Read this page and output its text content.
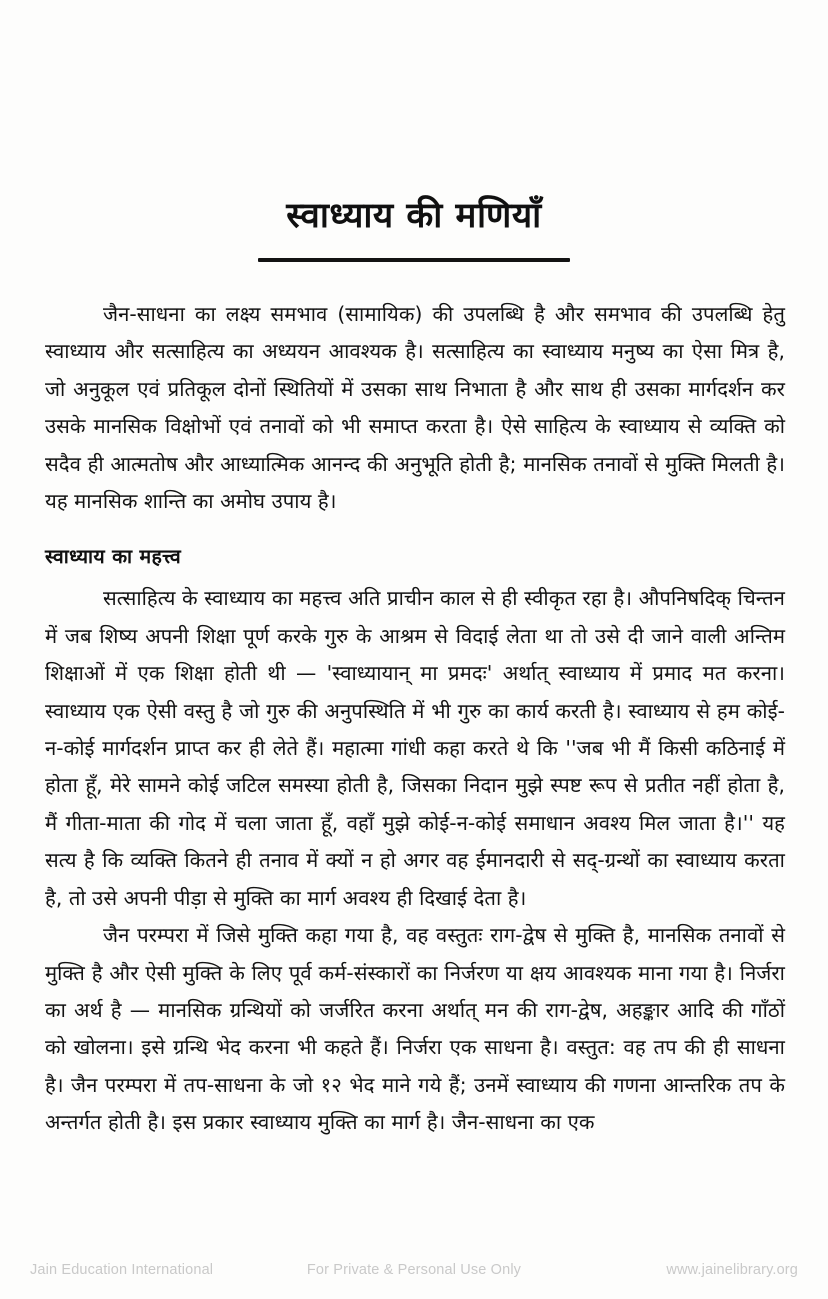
स्वाध्याय की मणियाँ

जैन-साधना का लक्ष्य समभाव (सामायिक) की उपलब्धि है और समभाव की उपलब्धि हेतु स्वाध्याय और सत्साहित्य का अध्ययन आवश्यक है। सत्साहित्य का स्वाध्याय मनुष्य का ऐसा मित्र है, जो अनुकूल एवं प्रतिकूल दोनों स्थितियों में उसका साथ निभाता है और साथ ही उसका मार्गदर्शन कर उसके मानसिक विक्षोभों एवं तनावों को भी समाप्त करता है। ऐसे साहित्य के स्वाध्याय से व्यक्ति को सदैव ही आत्मतोष और आध्यात्मिक आनन्द की अनुभूति होती है; मानसिक तनावों से मुक्ति मिलती है। यह मानसिक शान्ति का अमोघ उपाय है।

स्वाध्याय का महत्त्व

सत्साहित्य के स्वाध्याय का महत्त्व अति प्राचीन काल से ही स्वीकृत रहा है। औपनिषदिक् चिन्तन में जब शिष्य अपनी शिक्षा पूर्ण करके गुरु के आश्रम से विदाई लेता था तो उसे दी जाने वाली अन्तिम शिक्षाओं में एक शिक्षा होती थी — 'स्वाध्यायान् मा प्रमदः' अर्थात् स्वाध्याय में प्रमाद मत करना। स्वाध्याय एक ऐसी वस्तु है जो गुरु की अनुपस्थिति में भी गुरु का कार्य करती है। स्वाध्याय से हम कोई-न-कोई मार्गदर्शन प्राप्त कर ही लेते हैं। महात्मा गांधी कहा करते थे कि ''जब भी मैं किसी कठिनाई में होता हूँ, मेरे सामने कोई जटिल समस्या होती है, जिसका निदान मुझे स्पष्ट रूप से प्रतीत नहीं होता है, मैं गीता-माता की गोद में चला जाता हूँ, वहाँ मुझे कोई-न-कोई समाधान अवश्य मिल जाता है।'' यह सत्य है कि व्यक्ति कितने ही तनाव में क्यों न हो अगर वह ईमानदारी से सद्-ग्रन्थों का स्वाध्याय करता है, तो उसे अपनी पीड़ा से मुक्ति का मार्ग अवश्य ही दिखाई देता है।

जैन परम्परा में जिसे मुक्ति कहा गया है, वह वस्तुतः राग-द्वेष से मुक्ति है, मानसिक तनावों से मुक्ति है और ऐसी मुक्ति के लिए पूर्व कर्म-संस्कारों का निर्जरण या क्षय आवश्यक माना गया है। निर्जरा का अर्थ है — मानसिक ग्रन्थियों को जर्जरित करना अर्थात् मन की राग-द्वेष, अहङ्कार आदि की गाँठों को खोलना। इसे ग्रन्थि भेद करना भी कहते हैं। निर्जरा एक साधना है। वस्तुत: वह तप की ही साधना है। जैन परम्परा में तप-साधना के जो १२ भेद माने गये हैं; उनमें स्वाध्याय की गणना आन्तरिक तप के अन्तर्गत होती है। इस प्रकार स्वाध्याय मुक्ति का मार्ग है। जैन-साधना का एक

Jain Education International	For Private & Personal Use Only	www.jainelibrary.org
